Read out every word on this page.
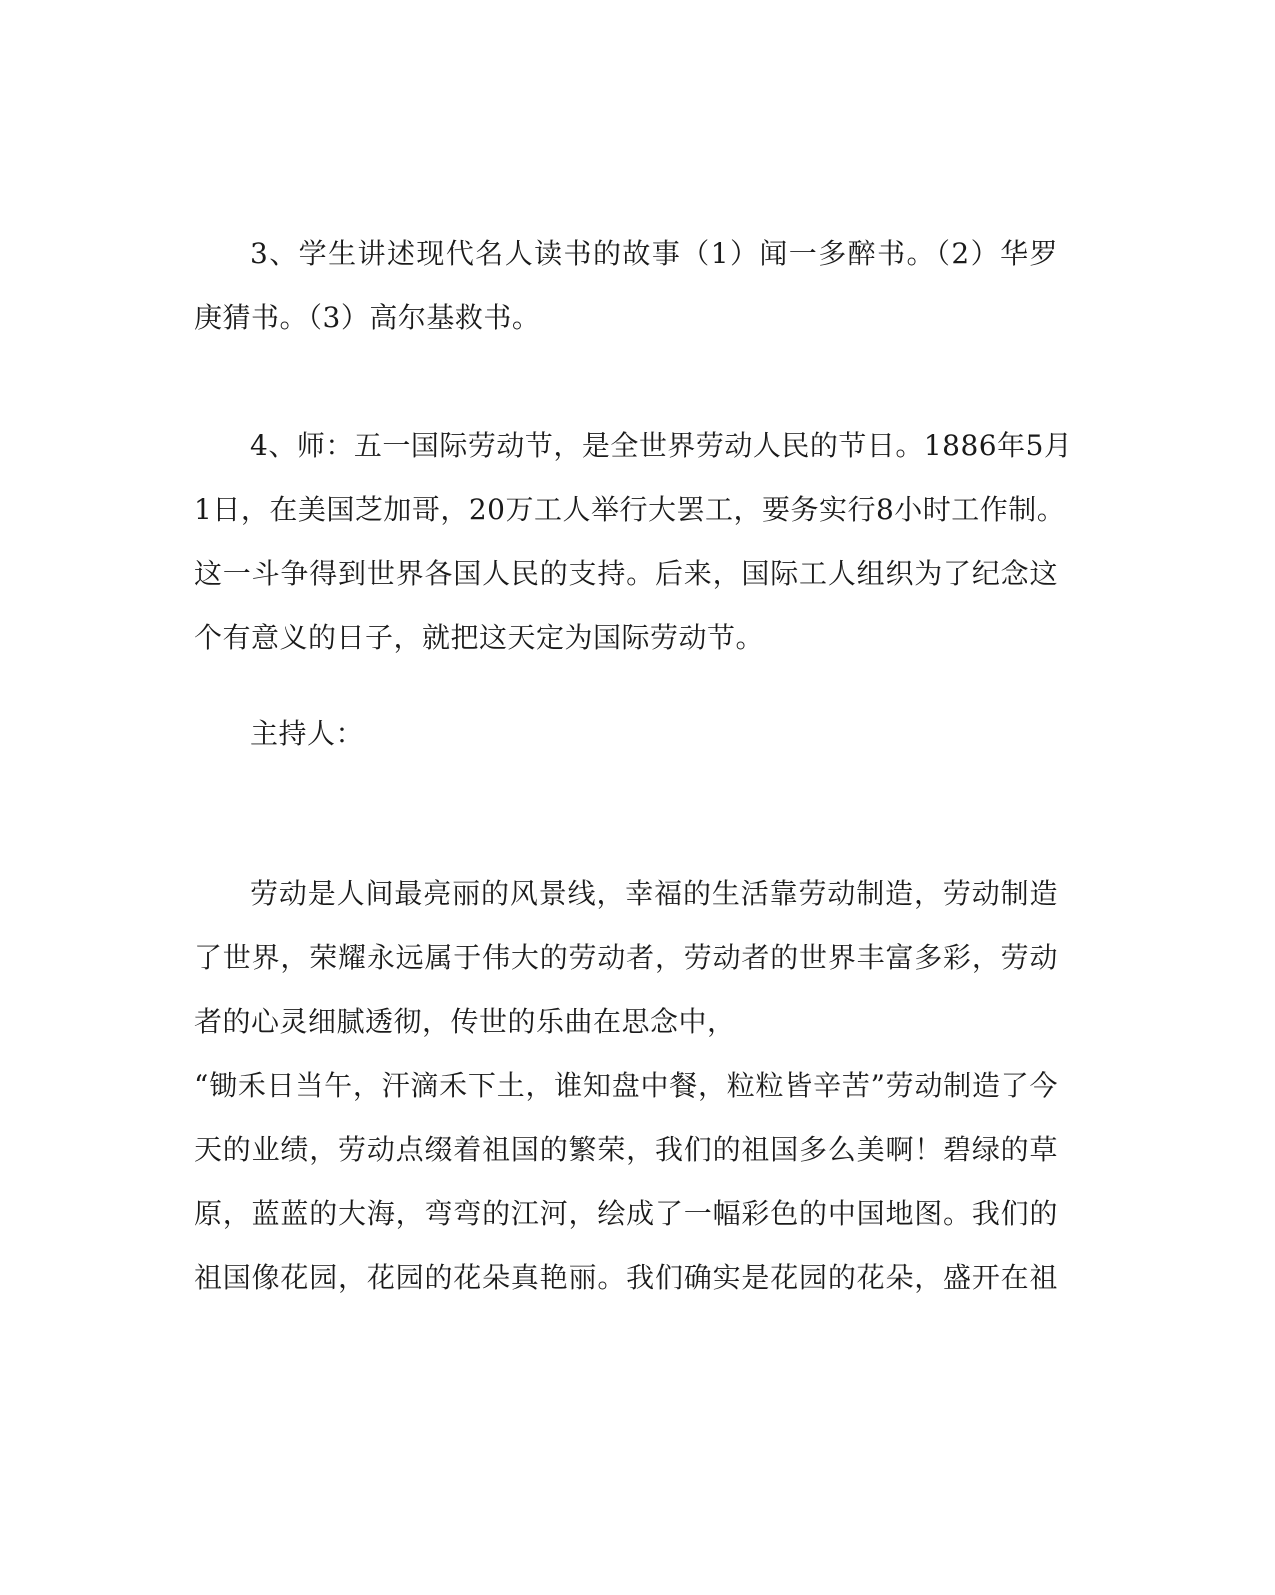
3、学生讲述现代名人读书的故事（1）闻一多醉书。（2）华罗
庚猜书。（3）高尔基救书。
4、师：五一国际劳动节，是全世界劳动人民的节日。1886年5月
1日，在美国芝加哥，20万工人举行大罢工，要务实行8小时工作制。
这一斗争得到世界各国人民的支持。后来，国际工人组织为了纪念这
个有意义的日子，就把这天定为国际劳动节。
主持人：
劳动是人间最亮丽的风景线，幸福的生活靠劳动制造，劳动制造
了世界，荣耀永远属于伟大的劳动者，劳动者的世界丰富多彩，劳动
者的心灵细腻透彻，传世的乐曲在思念中，
“锄禾日当午，汗滴禾下土，谁知盘中餐，粒粒皆辛苦”劳动制造了今
天的业绩，劳动点缀着祖国的繁荣，我们的祖国多么美啊！碧绿的草
原，蓝蓝的大海，弯弯的江河，绘成了一幅彩色的中国地图。我们的
祖国像花园，花园的花朵真艳丽。我们确实是花园的花朵，盛开在祖
